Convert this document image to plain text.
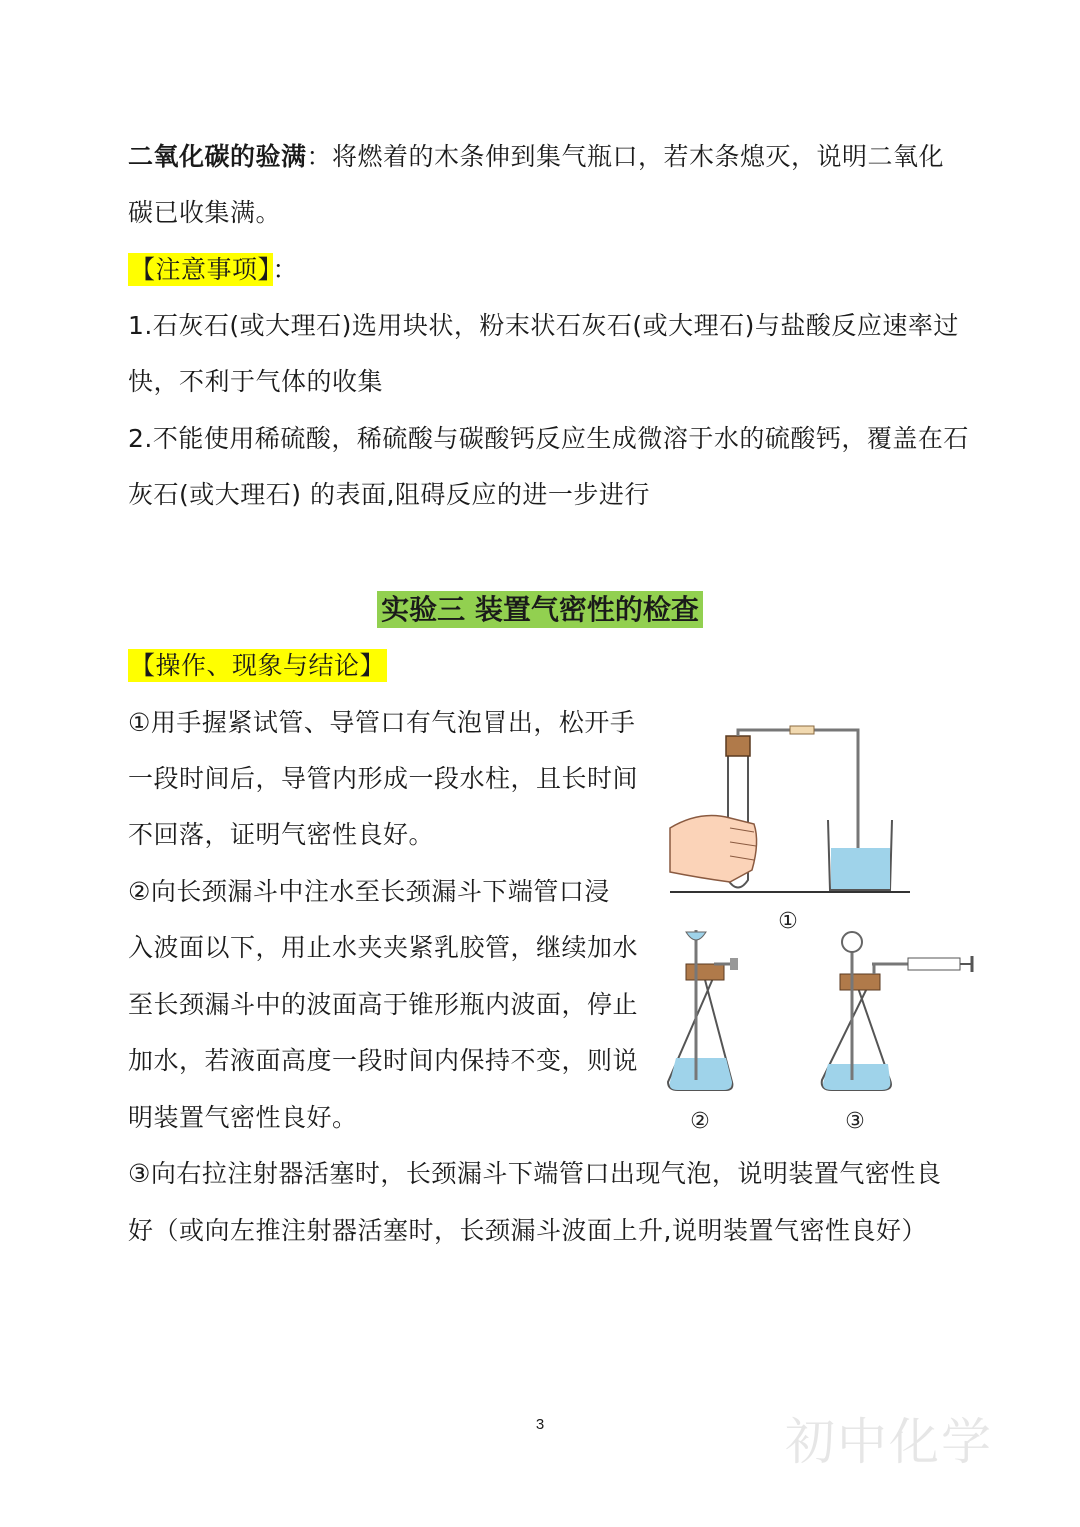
二氧化碳的验满：将燃着的木条伸到集气瓶口，若木条熄灭，说明二氧化
碳已收集满。
【注意事项】：
1.石灰石(或大理石)选用块状，粉末状石灰石(或大理石)与盐酸反应速率过
快，不利于气体的收集
2.不能使用稀硫酸，稀硫酸与碳酸钙反应生成微溶于水的硫酸钙，覆盖在石
灰石(或大理石) 的表面,阻碍反应的进一步进行
实验三 装置气密性的检查
【操作、现象与结论】
①用手握紧试管、导管口有气泡冒出，松开手
一段时间后，导管内形成一段水柱，且长时间
不回落，证明气密性良好。
②向长颈漏斗中注水至长颈漏斗下端管口浸
入波面以下，用止水夹夹紧乳胶管，继续加水
至长颈漏斗中的波面高于锥形瓶内波面，停止
加水，若液面高度一段时间内保持不变，则说
明装置气密性良好。
③向右拉注射器活塞时，长颈漏斗下端管口出现气泡，说明装置气密性良
好（或向左推注射器活塞时，长颈漏斗波面上升,说明装置气密性良好）
①
②	③
3	初中化学
